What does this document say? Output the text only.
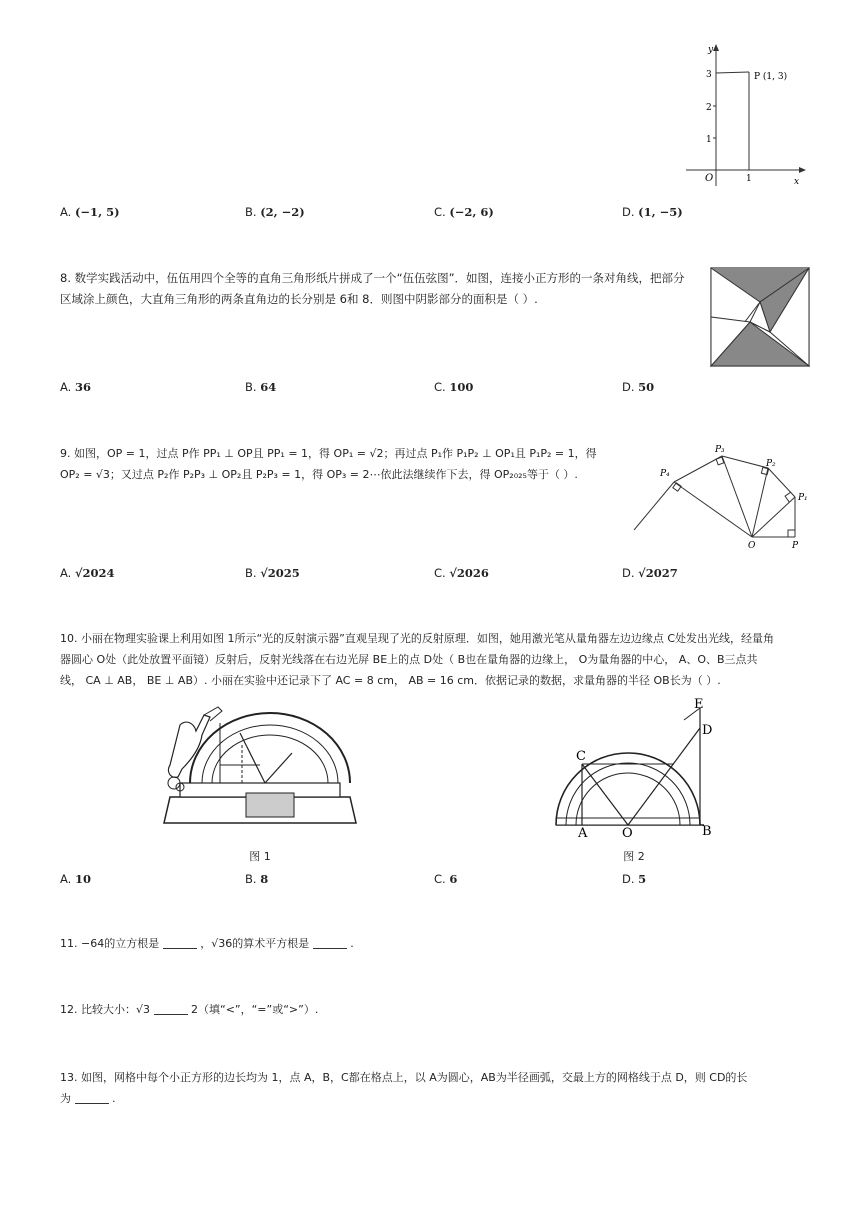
y
x
O
1
2
3
1
P (1, 3)
A. (−1, 5)	B. (2, −2)	C. (−2, 6)	D. (1, −5)
8. 数学实践活动中，伍伍用四个全等的直角三角形纸片拼成了一个“伍伍弦图”．如图，连接小正方形的一条对角线，把部分
区域涂上颜色，大直角三角形的两条直角边的长分别是 6和 8．则图中阴影部分的面积是（ ）.
A. 36	B. 64	C. 100	D. 50
9. 如图，OP = 1，过点 P作 PP₁ ⊥ OP且 PP₁ = 1，得 OP₁ = √2；再过点 P₁作 P₁P₂ ⊥ OP₁且 P₁P₂ = 1，得
OP₂ = √3；又过点 P₂作 P₂P₃ ⊥ OP₂且 P₂P₃ = 1，得 OP₃ = 2⋯依此法继续作下去，得 OP₂₀₂₅等于（ ）.
P₁
P₂
P₃
P₄
O	P
A. √2024	B. √2025	C. √2026	D. √2027
10. 小丽在物理实验课上利用如图 1所示“光的反射演示器”直观呈现了光的反射原理．如图，她用激光笔从量角器左边边缘点 C处发出光线，经量角
器圆心 O处（此处放置平面镜）反射后，反射光线落在右边光屏 BE上的点 D处（ B也在量角器的边缘上， O为量角器的中心， A、O、B三点共
线， CA ⊥ AB， BE ⊥ AB）. 小丽在实验中还记录下了 AC = 8 cm， AB = 16 cm．依据记录的数据，求量角器的半径 OB长为（ ）.
图 1
E
D
C
A	O	B
图 2
A. 10	B. 8	C. 6	D. 5
11. −64的立方根是	，√36的算术平方根是	.
12. 比较大小：√3	2（填“<”，“=”或“>”）.
13. 如图，网格中每个小正方形的边长均为 1，点 A，B，C都在格点上，以 A为圆心，AB为半径画弧，交最上方的网格线于点 D，则 CD的长
为	.
